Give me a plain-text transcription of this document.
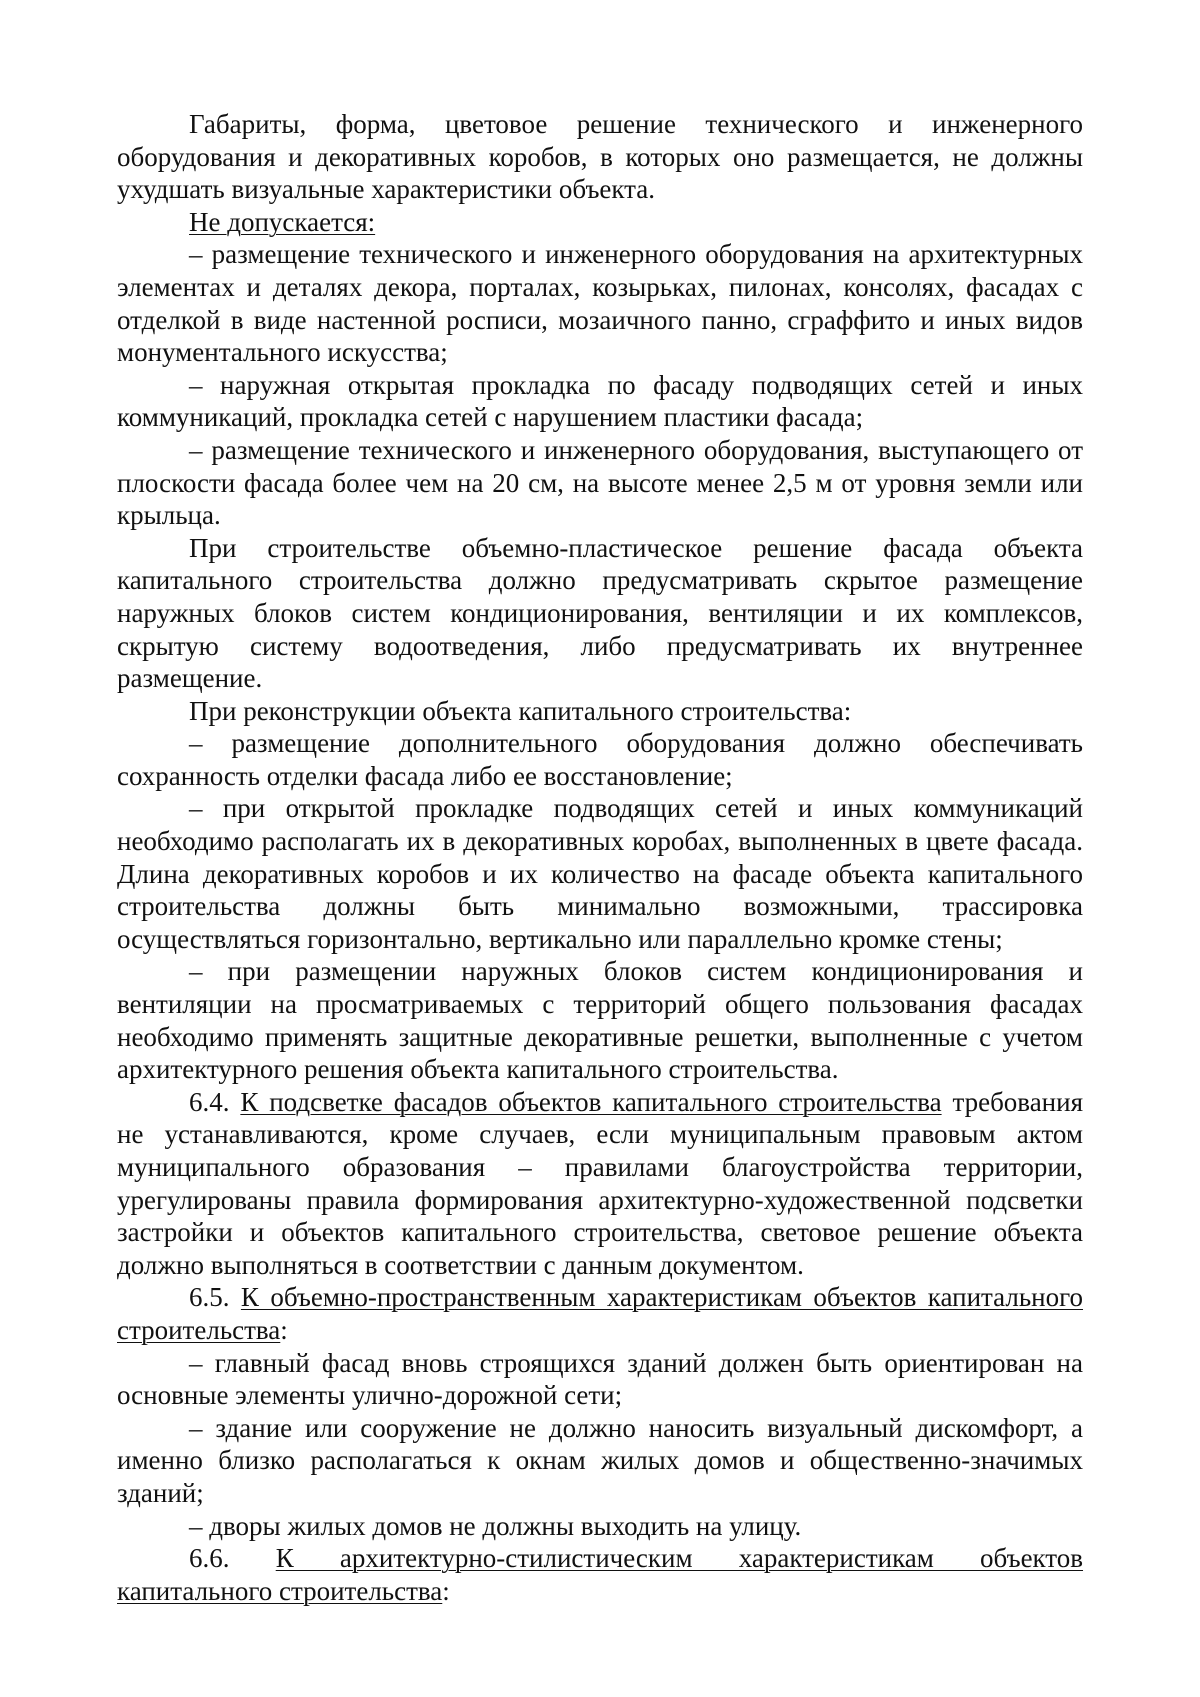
Габариты, форма, цветовое решение технического и инженерного оборудования и декоративных коробов, в которых оно размещается, не должны ухудшать визуальные характеристики объекта.

Не допускается:

– размещение технического и инженерного оборудования на архитектурных элементах и деталях декора, порталах, козырьках, пилонах, консолях, фасадах с отделкой в виде настенной росписи, мозаичного панно, сграффито и иных видов монументального искусства;

– наружная открытая прокладка по фасаду подводящих сетей и иных коммуникаций, прокладка сетей с нарушением пластики фасада;

– размещение технического и инженерного оборудования, выступающего от плоскости фасада более чем на 20 см, на высоте менее 2,5 м от уровня земли или крыльца.

При строительстве объемно-пластическое решение фасада объекта капитального строительства должно предусматривать скрытое размещение наружных блоков систем кондиционирования, вентиляции и их комплексов, скрытую систему водоотведения, либо предусматривать их внутреннее размещение.

При реконструкции объекта капитального строительства:

– размещение дополнительного оборудования должно обеспечивать сохранность отделки фасада либо ее восстановление;

– при открытой прокладке подводящих сетей и иных коммуникаций необходимо располагать их в декоративных коробах, выполненных в цвете фасада. Длина декоративных коробов и их количество на фасаде объекта капитального строительства должны быть минимально возможными, трассировка осуществляться горизонтально, вертикально или параллельно кромке стены;

– при размещении наружных блоков систем кондиционирования и вентиляции на просматриваемых с территорий общего пользования фасадах необходимо применять защитные декоративные решетки, выполненные с учетом архитектурного решения объекта капитального строительства.

6.4. К подсветке фасадов объектов капитального строительства требования не устанавливаются, кроме случаев, если муниципальным правовым актом муниципального образования – правилами благоустройства территории, урегулированы правила формирования архитектурно-художественной подсветки застройки и объектов капитального строительства, световое решение объекта должно выполняться в соответствии с данным документом.

6.5. К объемно-пространственным характеристикам объектов капитального строительства:

– главный фасад вновь строящихся зданий должен быть ориентирован на основные элементы улично-дорожной сети;

– здание или сооружение не должно наносить визуальный дискомфорт, а именно близко располагаться к окнам жилых домов и общественно-значимых зданий;

– дворы жилых домов не должны выходить на улицу.

6.6. К архитектурно-стилистическим характеристикам объектов капитального строительства:
